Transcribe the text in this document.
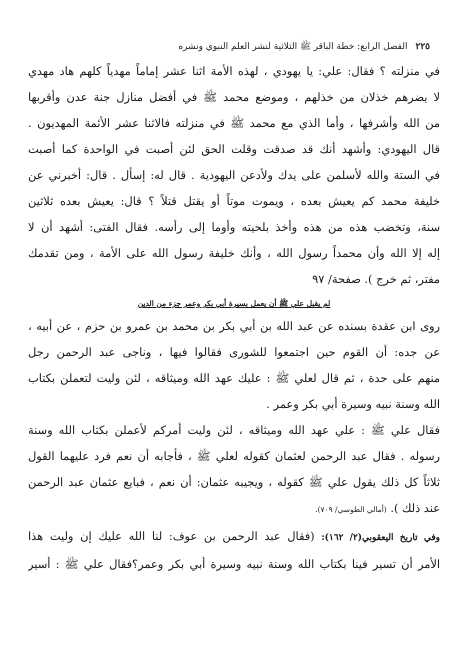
٢٢٥
الفصل الرابع: خطة الباقر ﷺ الثلاثية لنشر العلم النبوي ونشره
في منزلته ؟ فقال: علي: يا يهودي ، لهذه الأمة اثنا عشر إماماً مهدياً كلهم هاد مهدي
لا يضرهم خذلان من خذلهم ، وموضع محمد ﷺ في أفضل منازل جنة عدن وأقربها
من الله وأشرفها ، وأما الذي مع محمد ﷺ في منزلته فالاثنا عشر الأئمة المهديون .
قال اليهودي: وأشهد أنك قد صدقت وقلت الحق لئن أصبت في الواحدة كما أصبت
في الستة والله لأسلمن على يدك ولأدعن اليهودية . قال له: إسأل . قال: أخبرني عن
خليفة محمد كم يعيش بعده ، ويموت موتاً أو يقتل قتلاً ؟ قال: يعيش بعده ثلاثين
سنة، وتخضب هذه من هذه وأخذ بلحيته وأوما إلى رأسه. فقال الفتى: أشهد أن لا
إله إلا الله وأن محمداً رسول الله ، وأنك خليفة رسول الله على الأمة ، ومن تقدمك
مفتر، ثم خرج ). صفحة/ ٩٧
لم يقبل علي ﷺ أن يعمل بسيرة أبي بكر وعمر جزء من الدين
روى ابن عقدة بسنده عن عبد الله بن أبي بكر بن محمد بن عمرو بن حزم ، عن أبيه ،
عن جده: أن القوم حين اجتمعوا للشورى فقالوا فيها ، وناجى عبد الرحمن رجل
منهم على حدة ، ثم قال لعلي ﷺ : عليك عهد الله وميثاقه ، لئن وليت لتعملن بكتاب
الله وسنة نبيه وسيرة أبي بكر وعمر .
فقال علي ﷺ : علي عهد الله وميثاقه ، لئن وليت أمركم لأعملن بكتاب الله وسنة
رسوله . فقال عبد الرحمن لعثمان كقوله لعلي ﷺ ، فأجابه أن نعم فرد عليهما القول
ثلاثاً كل ذلك يقول علي ﷺ كقوله ، ويجيبه عثمان: أن نعم ، فبايع عثمان عبد الرحمن
عند ذلك ). (أمالي الطوسي/ ٧٠٩).
وفي تاريخ اليعقوبي(٢/ ١٦٢): (فقال عبد الرحمن بن عوف: لنا الله عليك إن وليت هذا
الأمر أن تسير فينا بكتاب الله وسنة نبيه وسيرة أبي بكر وعمر؟فقال علي ﷺ : أسير
